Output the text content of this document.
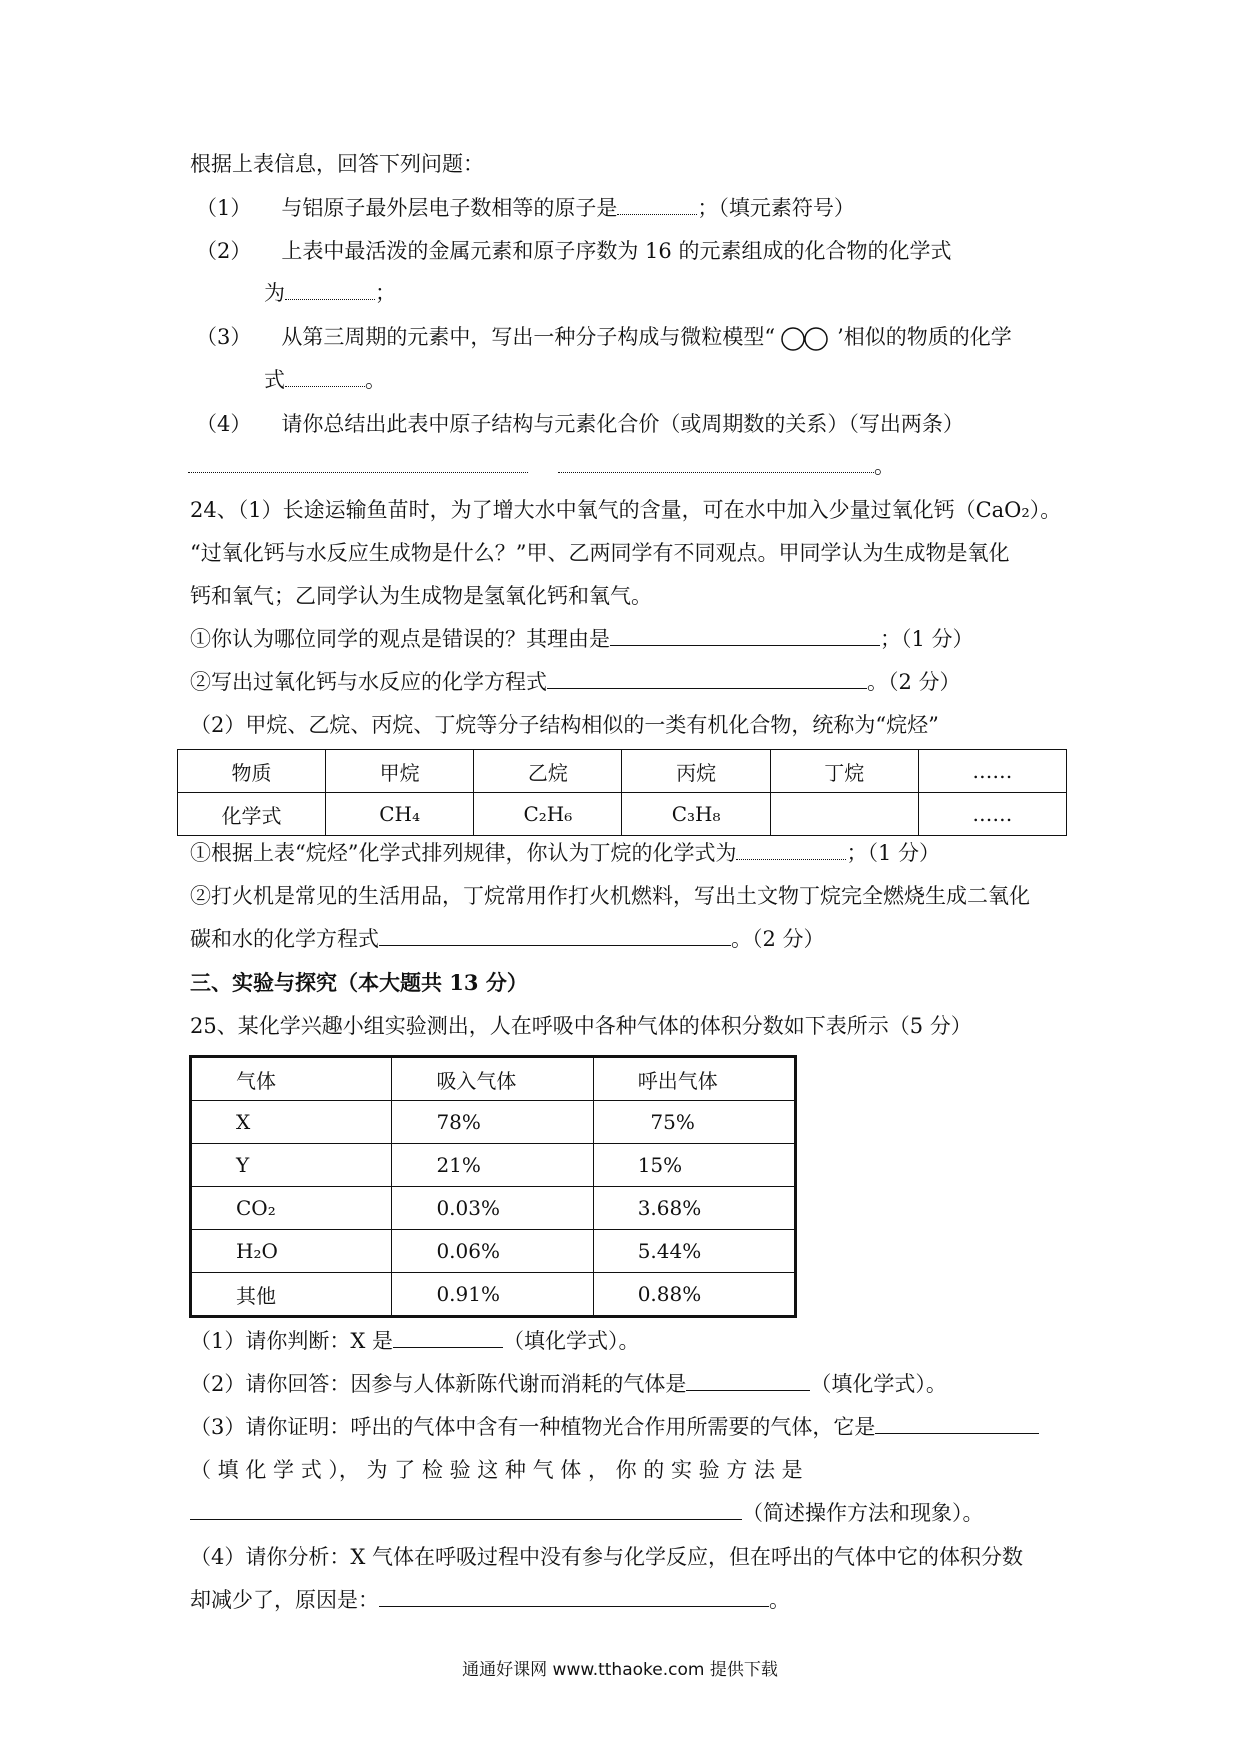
根据上表信息，回答下列问题：
（1） 与铝原子最外层电子数相等的原子是	；（填元素符号）
（2） 上表中最活泼的金属元素和原子序数为 16 的元素组成的化合物的化学式
为	；
（3） 从第三周期的元素中，写出一种分子构成与微粒模型“	’相似的物质的化学
式	。
（4） 请你总结出此表中原子结构与元素化合价（或周期数的关系）（写出两条）
。
24、（1）长途运输鱼苗时，为了增大水中氧气的含量，可在水中加入少量过氧化钙（CaO₂）。
“过氧化钙与水反应生成物是什么？”甲、乙两同学有不同观点。甲同学认为生成物是氧化
钙和氧气；乙同学认为生成物是氢氧化钙和氧气。
①你认为哪位同学的观点是错误的？其理由是	；（1 分）
②写出过氧化钙与水反应的化学方程式	。（2 分）
（2）甲烷、乙烷、丙烷、丁烷等分子结构相似的一类有机化合物，统称为“烷烃”
物质	甲烷	乙烷	丙烷	丁烷	……
化学式	CH₄	C₂H₆	C₃H₈		……
①根据上表“烷烃”化学式排列规律，你认为丁烷的化学式为	；（1 分）
②打火机是常见的生活用品，丁烷常用作打火机燃料，写出土文物丁烷完全燃烧生成二氧化
碳和水的化学方程式	。（2 分）
三、实验与探究（本大题共 13 分）
25、某化学兴趣小组实验测出，人在呼吸中各种气体的体积分数如下表所示（5 分）
气体	吸入气体	呼出气体
X	78%	75%
Y	21%	15%
CO₂	0.03%	3.68%
H₂O	0.06%	5.44%
其他	0.91%	0.88%
（1）请你判断：X 是	（填化学式）。
（2）请你回答：因参与人体新陈代谢而消耗的气体是	（填化学式）。
（3）请你证明：呼出的气体中含有一种植物光合作用所需要的气体，它是
（ 填 化 学 式 ）， 为 了 检 验 这 种 气 体 ， 你 的 实 验 方 法 是
（简述操作方法和现象）。
（4）请你分析：X 气体在呼吸过程中没有参与化学反应，但在呼出的气体中它的体积分数
却减少了，原因是：	。
通通好课网 www.tthaoke.com 提供下载
